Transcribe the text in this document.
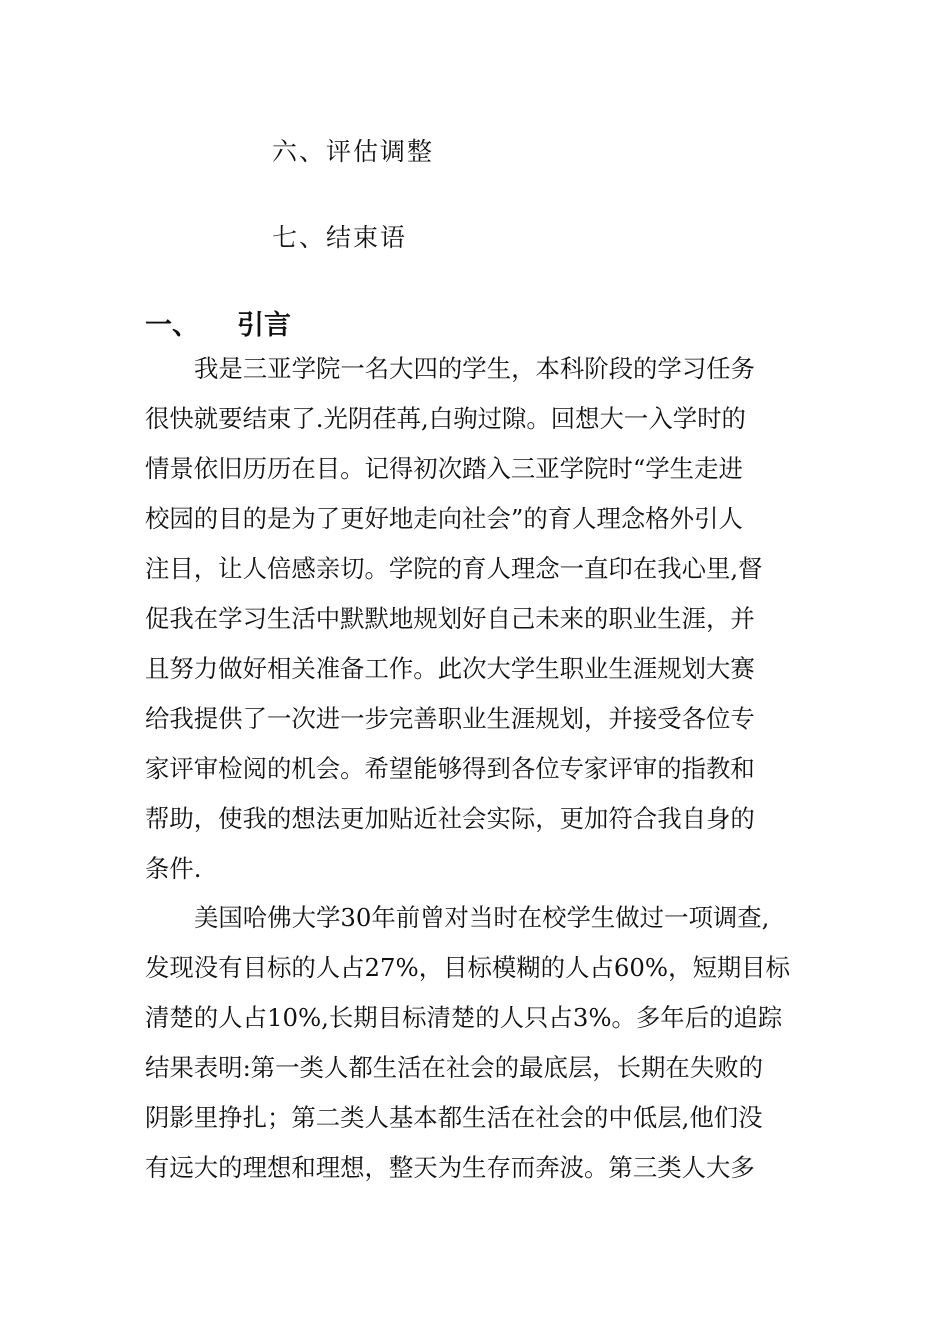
六、评估调整
七、结束语
一、 引言
我是三亚学院一名大四的学生，本科阶段的学习任务
很快就要结束了.光阴荏苒,白驹过隙。回想大一入学时的
情景依旧历历在目。记得初次踏入三亚学院时“学生走进
校园的目的是为了更好地走向社会”的育人理念格外引人
注目，让人倍感亲切。学院的育人理念一直印在我心里,督
促我在学习生活中默默地规划好自己未来的职业生涯，并
且努力做好相关准备工作。此次大学生职业生涯规划大赛
给我提供了一次进一步完善职业生涯规划，并接受各位专
家评审检阅的机会。希望能够得到各位专家评审的指教和
帮助，使我的想法更加贴近社会实际，更加符合我自身的
条件.
美国哈佛大学30年前曾对当时在校学生做过一项调查,
发现没有目标的人占27%，目标模糊的人占60%，短期目标
清楚的人占10%,长期目标清楚的人只占3%。多年后的追踪
结果表明:第一类人都生活在社会的最底层，长期在失败的
阴影里挣扎；第二类人基本都生活在社会的中低层,他们没
有远大的理想和理想，整天为生存而奔波。第三类人大多
